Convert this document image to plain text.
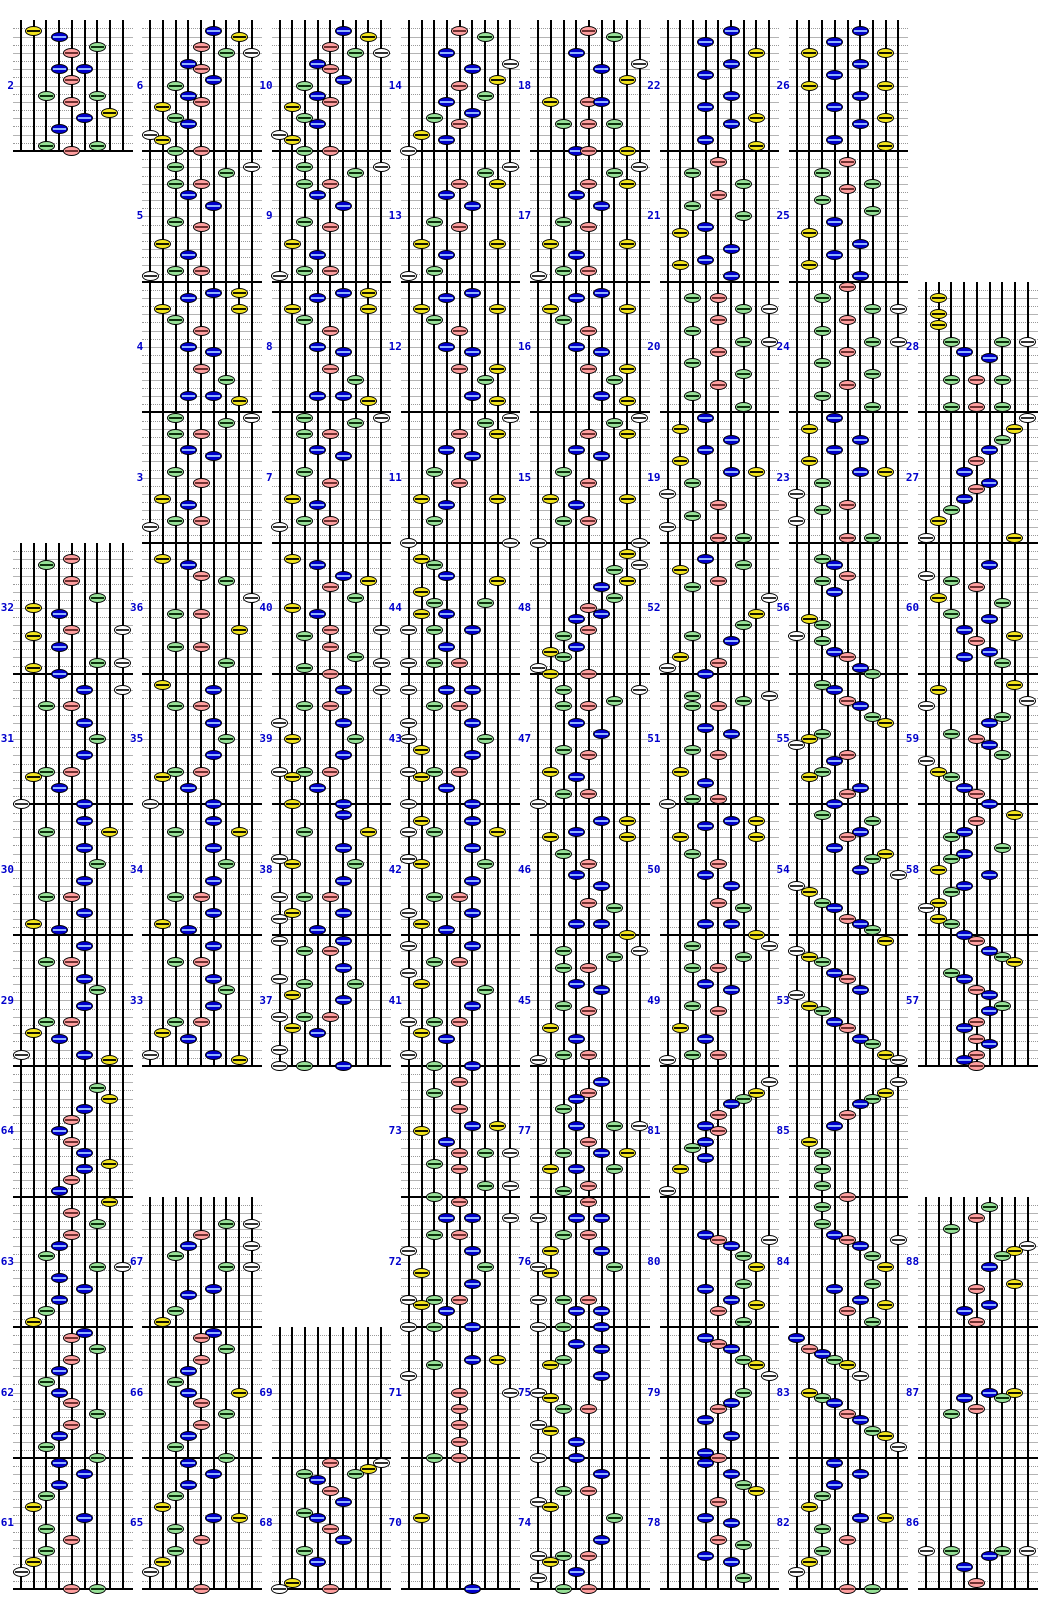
2	6	10	14	18	22	26
5	9	13	17	21	25
4	8	12	16	20	24	28
3	7	11	15	19	23	27
32	36	40	44	48	52	56	60
31	35	39	43	47	51	55	59
30	34	38	42	46	50	54	58
29	33	37	41	45	49	53	57
64	73	77	81	85
63	67	72	76	80	84	88
62	66	69	71	75	79	83	87
61	65	68	70	74	78	82	86
